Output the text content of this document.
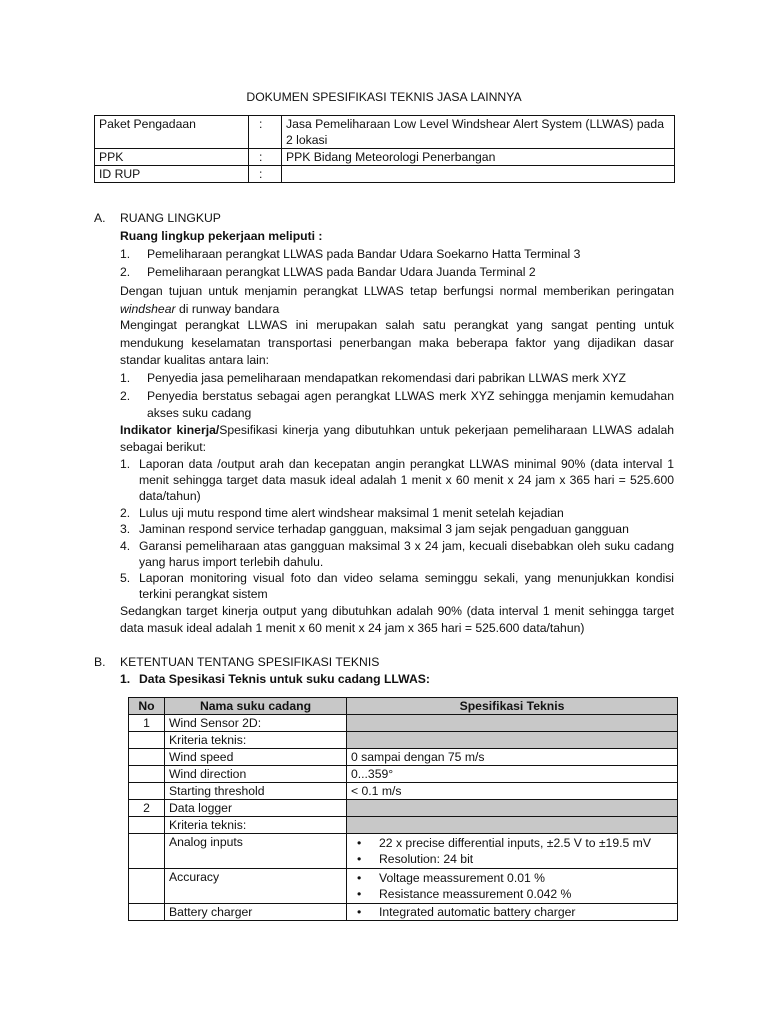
DOKUMEN SPESIFIKASI TEKNIS JASA LAINNYA
Paket Pengadaan	:	Jasa Pemeliharaan Low Level Windshear Alert System (LLWAS) pada 2 lokasi
PPK	:	PPK Bidang Meteorologi Penerbangan
ID RUP	:	
A. RUANG LINGKUP
Ruang lingkup pekerjaan meliputi :
1. Pemeliharaan perangkat LLWAS pada Bandar Udara Soekarno Hatta Terminal 3
2. Pemeliharaan perangkat LLWAS pada Bandar Udara Juanda Terminal 2
Dengan tujuan untuk menjamin perangkat LLWAS tetap berfungsi normal memberikan peringatan windshear di runway bandara
Mengingat perangkat LLWAS ini merupakan salah satu perangkat yang sangat penting untuk mendukung keselamatan transportasi penerbangan maka beberapa faktor yang dijadikan dasar standar kualitas antara lain:
1. Penyedia jasa pemeliharaan mendapatkan rekomendasi dari pabrikan LLWAS merk XYZ
2. Penyedia berstatus sebagai agen perangkat LLWAS merk XYZ sehingga menjamin kemudahan akses suku cadang
Indikator kinerja/Spesifikasi kinerja yang dibutuhkan untuk pekerjaan pemeliharaan LLWAS adalah sebagai berikut:
1. Laporan data /output arah dan kecepatan angin perangkat LLWAS minimal 90% (data interval 1 menit sehingga target data masuk ideal adalah 1 menit x 60 menit x 24 jam x 365 hari = 525.600 data/tahun)
2. Lulus uji mutu respond time alert windshear maksimal 1 menit setelah kejadian
3. Jaminan respond service terhadap gangguan, maksimal 3 jam sejak pengaduan gangguan
4. Garansi pemeliharaan atas gangguan maksimal 3 x 24 jam, kecuali disebabkan oleh suku cadang yang harus import terlebih dahulu.
5. Laporan monitoring visual foto dan video selama seminggu sekali, yang menunjukkan kondisi terkini perangkat sistem
Sedangkan target kinerja output yang dibutuhkan adalah 90% (data interval 1 menit sehingga target data masuk ideal adalah 1 menit x 60 menit x 24 jam x 365 hari = 525.600 data/tahun)
B. KETENTUAN TENTANG SPESIFIKASI TEKNIS
1. Data Spesikasi Teknis untuk suku cadang LLWAS:
No	Nama suku cadang	Spesifikasi Teknis
1	Wind Sensor 2D:	
	Kriteria teknis:	
	Wind speed	0 sampai dengan 75 m/s
	Wind direction	0...359°
	Starting threshold	< 0.1 m/s
2	Data logger	
	Kriteria teknis:	
	Analog inputs	• 22 x precise differential inputs, ±2.5 V to ±19.5 mV
• Resolution: 24 bit

	Accuracy	• Voltage meassurement 0.01 %
• Resistance meassurement 0.042 %

	Battery charger	• Integrated automatic battery charger
